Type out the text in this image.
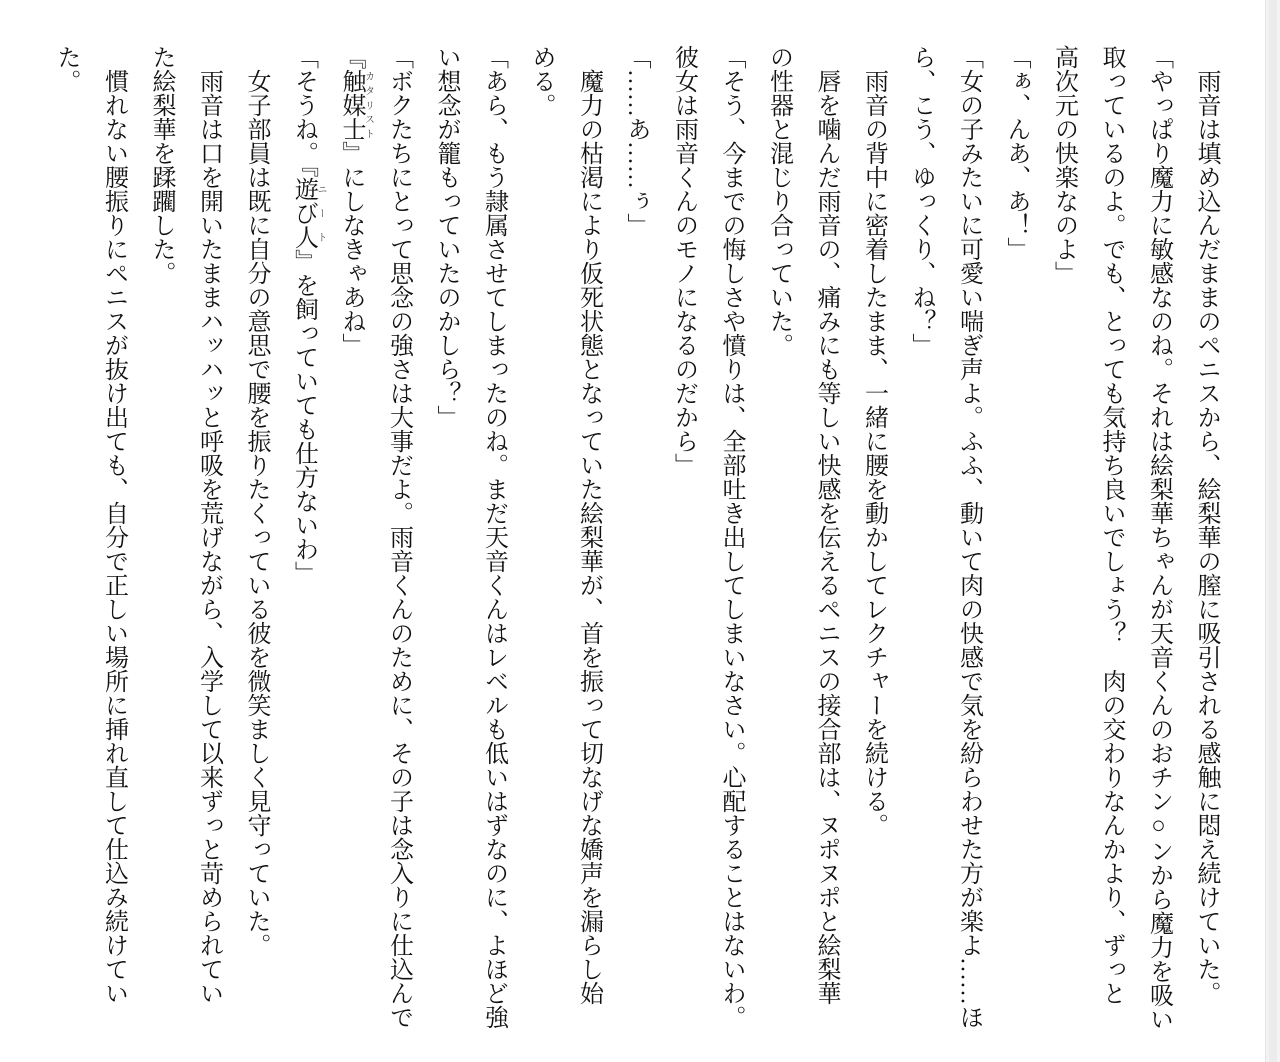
　雨音は填め込んだままのペニスから、絵梨華の膣に吸引される感触に悶え続けていた。
「やっぱり魔力に敏感なのね。それは絵梨華ちゃんが天音くんのおチン○ンから魔力を吸い
取っているのよ。でも、とっても気持ち良いでしょう？　肉の交わりなんかより、ずっと
高次元の快楽なのよ」
「ぁ、んあ、あ！」
「女の子みたいに可愛い喘ぎ声よ。ふふ、動いて肉の快感で気を紛らわせた方が楽よ……ほ
ら、こう、ゆっくり、ね？」
　雨音の背中に密着したまま、一緒に腰を動かしてレクチャーを続ける。
　唇を噛んだ雨音の、痛みにも等しい快感を伝えるペニスの接合部は、ヌポヌポと絵梨華
の性器と混じり合っていた。
「そう、今までの悔しさや憤りは、全部吐き出してしまいなさい。心配することはないわ。
彼女は雨音くんのモノになるのだから」
「……あ……ぅ」
　魔力の枯渇により仮死状態となっていた絵梨華が、首を振って切なげな嬌声を漏らし始
める。
「あら、もう隷属させてしまったのね。まだ天音くんはレベルも低いはずなのに、よほど強
い想念が籠もっていたのかしら？」
「ボクたちにとって思念の強さは大事だよ。雨音くんのために、その子は念入りに仕込んで
『触媒士カタリスト』にしなきゃあね」
「そうね。『遊び人ニート』を飼っていても仕方ないわ」
　女子部員は既に自分の意思で腰を振りたくっている彼を微笑ましく見守っていた。
　雨音は口を開いたままハッハッと呼吸を荒げながら、入学して以来ずっと苛められてい
た絵梨華を蹂躙した。
　慣れない腰振りにペニスが抜け出ても、自分で正しい場所に挿れ直して仕込み続けてい
た。
